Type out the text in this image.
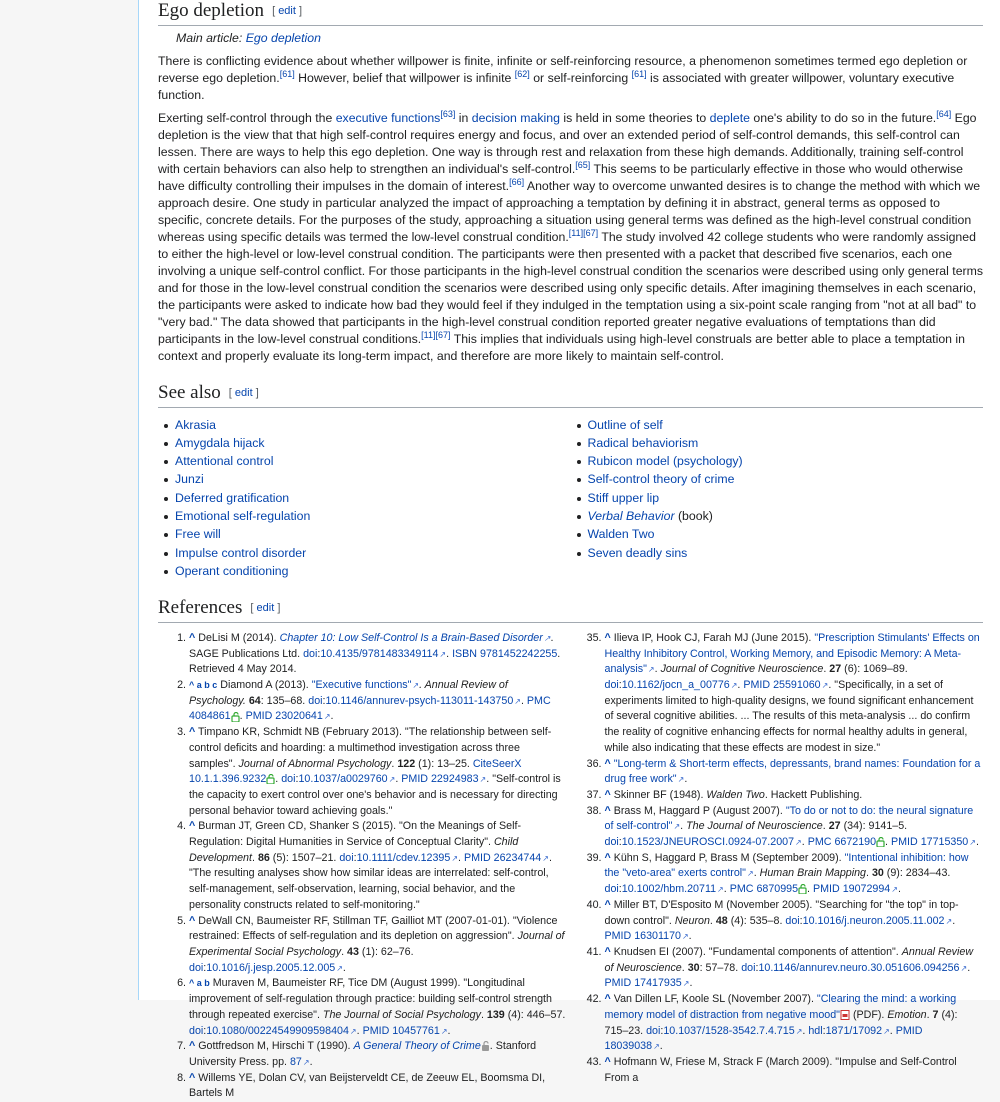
Ego depletion [ edit ]
Main article: Ego depletion

There is conflicting evidence about whether willpower is finite, infinite or self-reinforcing resource, a phenomenon sometimes termed ego depletion or reverse ego depletion.[61] However, belief that willpower is infinite [62] or self-reinforcing [61] is associated with greater willpower, voluntary executive function.

Exerting self-control through the executive functions[63] in decision making is held in some theories to deplete one's ability to do so in the future.[64] Ego depletion is the view that that high self-control requires energy and focus, and over an extended period of self-control demands, this self-control can lessen. There are ways to help this ego depletion. One way is through rest and relaxation from these high demands. Additionally, training self-control with certain behaviors can also help to strengthen an individual's self-control.[65] This seems to be particularly effective in those who would otherwise have difficulty controlling their impulses in the domain of interest.[66] Another way to overcome unwanted desires is to change the method with which we approach desire. One study in particular analyzed the impact of approaching a temptation by defining it in abstract, general terms as opposed to specific, concrete details. For the purposes of the study, approaching a situation using general terms was defined as the high-level construal condition whereas using specific details was termed the low-level construal condition.[11][67] The study involved 42 college students who were randomly assigned to either the high-level or low-level construal condition. The participants were then presented with a packet that described five scenarios, each one involving a unique self-control conflict. For those participants in the high-level construal condition the scenarios were described using only general terms and for those in the low-level construal condition the scenarios were described using only specific details. After imagining themselves in each scenario, the participants were asked to indicate how bad they would feel if they indulged in the temptation using a six-point scale ranging from "not at all bad" to "very bad." The data showed that participants in the high-level construal condition reported greater negative evaluations of temptations than did participants in the low-level construal conditions.[11][67] This implies that individuals using high-level construals are better able to place a temptation in context and properly evaluate its long-term impact, and therefore are more likely to maintain self-control.

See also [ edit ]
Akrasia
Amygdala hijack
Attentional control
Junzi
Deferred gratification
Emotional self-regulation
Free will
Impulse control disorder
Operant conditioning
Outline of self
Radical behaviorism
Rubicon model (psychology)
Self-control theory of crime
Stiff upper lip
Verbal Behavior (book)
Walden Two
Seven deadly sins
References [ edit ]
1. ^ DeLisi M (2014). Chapter 10: Low Self-Control Is a Brain-Based Disorder ↗ . SAGE Publications Ltd. doi:10.4135/9781483349114 ↗ . ISBN 9781452242255. Retrieved 4 May 2014.
2. ^ a b c Diamond A (2013). "Executive functions" ↗ . Annual Review of Psychology. 64: 135–68. doi:10.1146/annurev-psych-113011-143750 ↗ . PMC 4084861 . PMID 23020641 ↗ .
3. ^ Timpano KR, Schmidt NB (February 2013). "The relationship between self-control deficits and hoarding: a multimethod investigation across three samples". Journal of Abnormal Psychology. 122 (1): 13–25. CiteSeerX 10.1.1.396.9232 . doi:10.1037/a0029760 ↗ . PMID 22924983 ↗ . "Self-control is the capacity to exert control over one's behavior and is necessary for directing personal behavior toward achieving goals."
4. ^ Burman JT, Green CD, Shanker S (2015). "On the Meanings of Self-Regulation: Digital Humanities in Service of Conceptual Clarity". Child Development. 86 (5): 1507–21. doi:10.1111/cdev.12395 ↗ . PMID 26234744 ↗ . "The resulting analyses show how similar ideas are interrelated: self-control, self-management, self-observation, learning, social behavior, and the personality constructs related to self-monitoring."
5. ^ DeWall CN, Baumeister RF, Stillman TF, Gailliot MT (2007-01-01). "Violence restrained: Effects of self-regulation and its depletion on aggression". Journal of Experimental Social Psychology. 43 (1): 62–76. doi:10.1016/j.jesp.2005.12.005 ↗ .
6. ^ a b Muraven M, Baumeister RF, Tice DM (August 1999). "Longitudinal improvement of self-regulation through practice: building self-control strength through repeated exercise". The Journal of Social Psychology. 139 (4): 446–57. doi:10.1080/00224549909598404 ↗ . PMID 10457761 ↗ .
7. ^ Gottfredson M, Hirschi T (1990). A General Theory of Crime . Stanford University Press. pp. 87 ↗ .
8. ^ Willems YE, Dolan CV, van Beijsterveldt CE, de Zeeuw EL, Boomsma DI, Bartels M
35. ^ Ilieva IP, Hook CJ, Farah MJ (June 2015). "Prescription Stimulants' Effects on Healthy Inhibitory Control, Working Memory, and Episodic Memory: A Meta-analysis" ↗ . Journal of Cognitive Neuroscience. 27 (6): 1069–89. doi:10.1162/jocn_a_00776 ↗ . PMID 25591060 ↗ . "Specifically, in a set of experiments limited to high-quality designs, we found significant enhancement of several cognitive abilities. ... The results of this meta-analysis ... do confirm the reality of cognitive enhancing effects for normal healthy adults in general, while also indicating that these effects are modest in size."
36. ^ "Long-term & Short-term effects, depressants, brand names: Foundation for a drug free work" ↗ .
37. ^ Skinner BF (1948). Walden Two. Hackett Publishing.
38. ^ Brass M, Haggard P (August 2007). "To do or not to do: the neural signature of self-control" ↗ . The Journal of Neuroscience. 27 (34): 9141–5. doi:10.1523/JNEUROSCI.0924-07.2007 ↗ . PMC 6672190 . PMID 17715350 ↗ .
39. ^ Kühn S, Haggard P, Brass M (September 2009). "Intentional inhibition: how the "veto-area" exerts control" ↗ . Human Brain Mapping. 30 (9): 2834–43. doi:10.1002/hbm.20711 ↗ . PMC 6870995 . PMID 19072994 ↗ .
40. ^ Miller BT, D'Esposito M (November 2005). "Searching for "the top" in top-down control". Neuron. 48 (4): 535–8. doi:10.1016/j.neuron.2005.11.002 ↗ . PMID 16301170 ↗ .
41. ^ Knudsen EI (2007). "Fundamental components of attention". Annual Review of Neuroscience. 30: 57–78. doi:10.1146/annurev.neuro.30.051606.094256 ↗ . PMID 17417935 ↗ .
42. ^ Van Dillen LF, Koole SL (November 2007). "Clearing the mind: a working memory model of distraction from negative mood" (PDF). Emotion. 7 (4): 715–23. doi:10.1037/1528-3542.7.4.715 ↗ . hdl:1871/17092 ↗ . PMID 18039038 ↗ .
43. ^ Hofmann W, Friese M, Strack F (March 2009). "Impulse and Self-Control From a
